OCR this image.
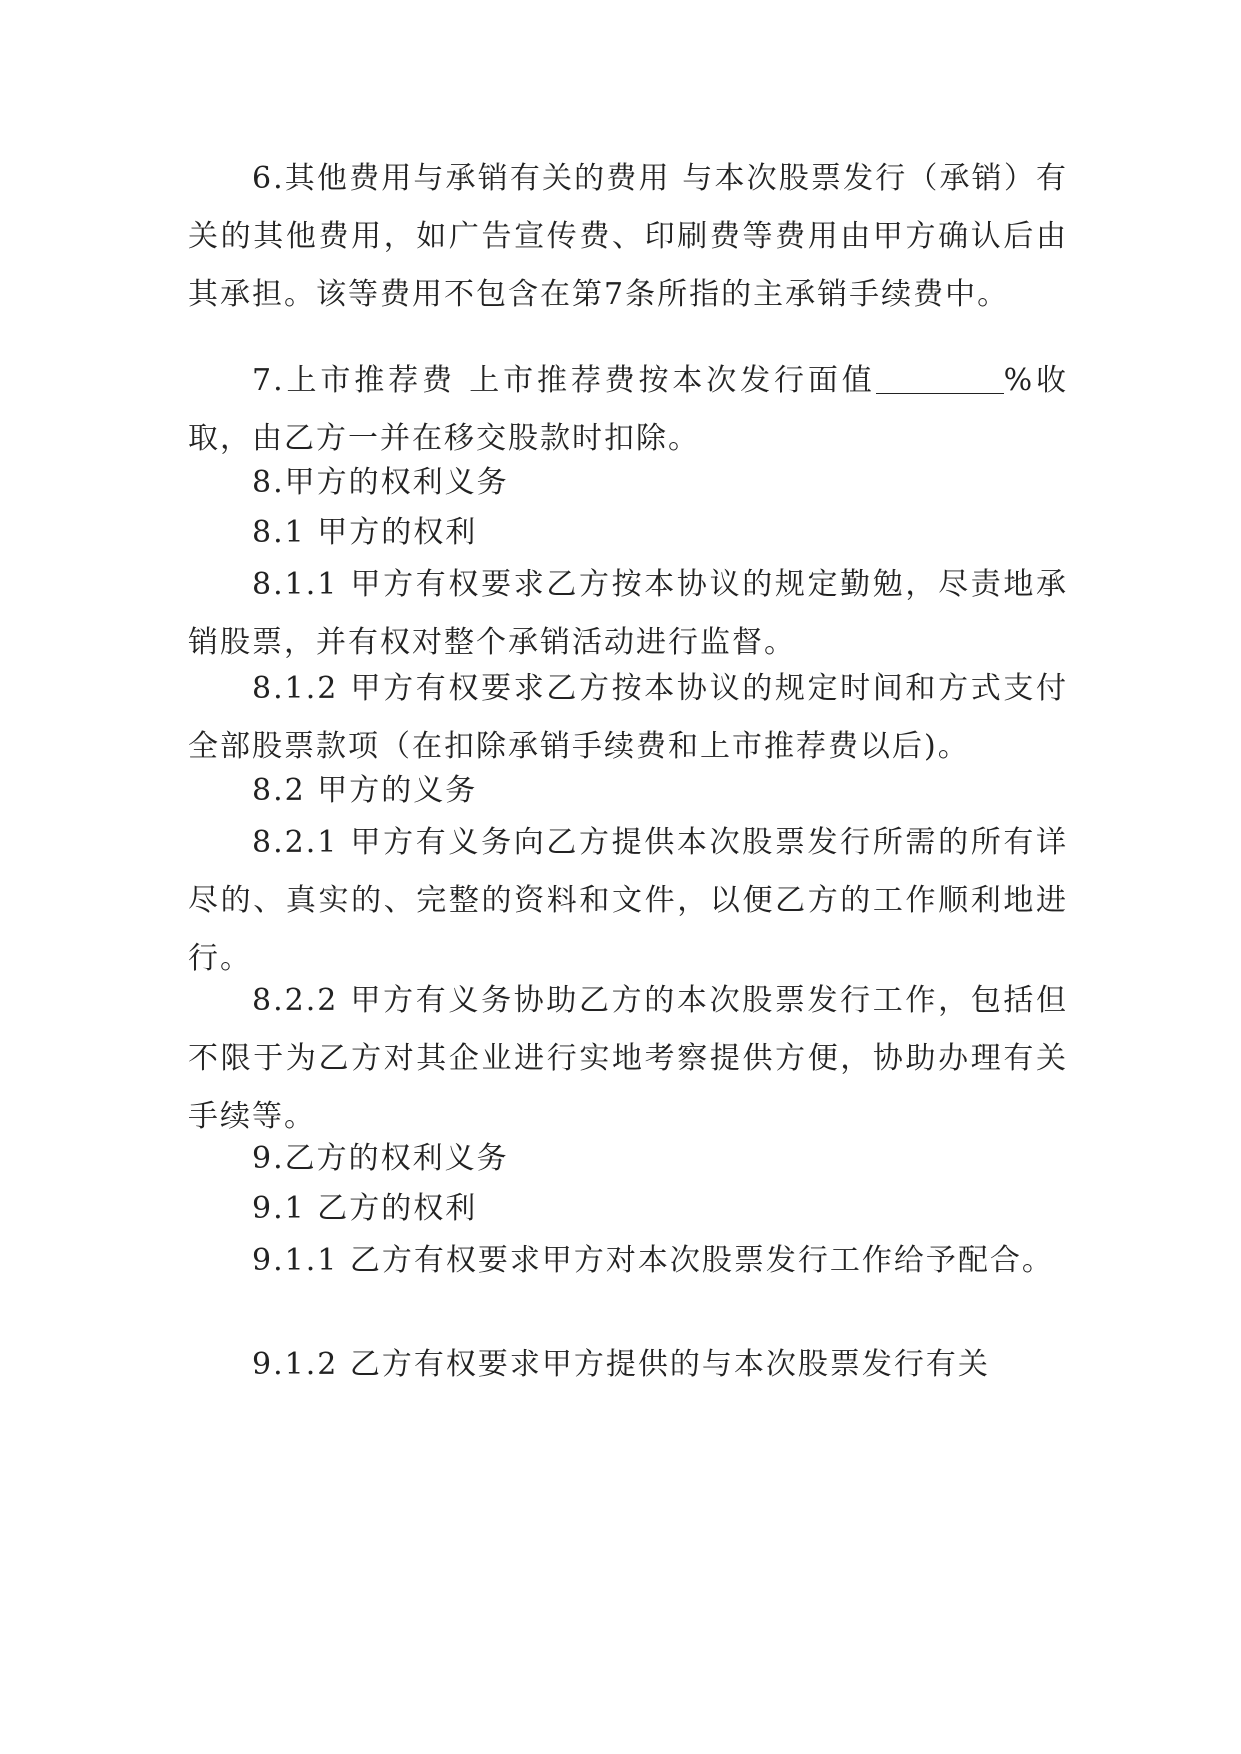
6.其他费用与承销有关的费用 与本次股票发行（承销）有关的其他费用，如广告宣传费、印刷费等费用由甲方确认后由其承担。该等费用不包含在第7条所指的主承销手续费中。

7.上市推荐费 上市推荐费按本次发行面值	%收取，由乙方一并在移交股款时扣除。

8.甲方的权利义务

8.1 甲方的权利

8.1.1 甲方有权要求乙方按本协议的规定勤勉，尽责地承销股票，并有权对整个承销活动进行监督。

8.1.2 甲方有权要求乙方按本协议的规定时间和方式支付全部股票款项（在扣除承销手续费和上市推荐费以后)。

8.2 甲方的义务

8.2.1 甲方有义务向乙方提供本次股票发行所需的所有详尽的、真实的、完整的资料和文件，以便乙方的工作顺利地进行。

8.2.2 甲方有义务协助乙方的本次股票发行工作，包括但不限于为乙方对其企业进行实地考察提供方便，协助办理有关手续等。

9.乙方的权利义务

9.1 乙方的权利

9.1.1 乙方有权要求甲方对本次股票发行工作给予配合。

9.1.2 乙方有权要求甲方提供的与本次股票发行有关
